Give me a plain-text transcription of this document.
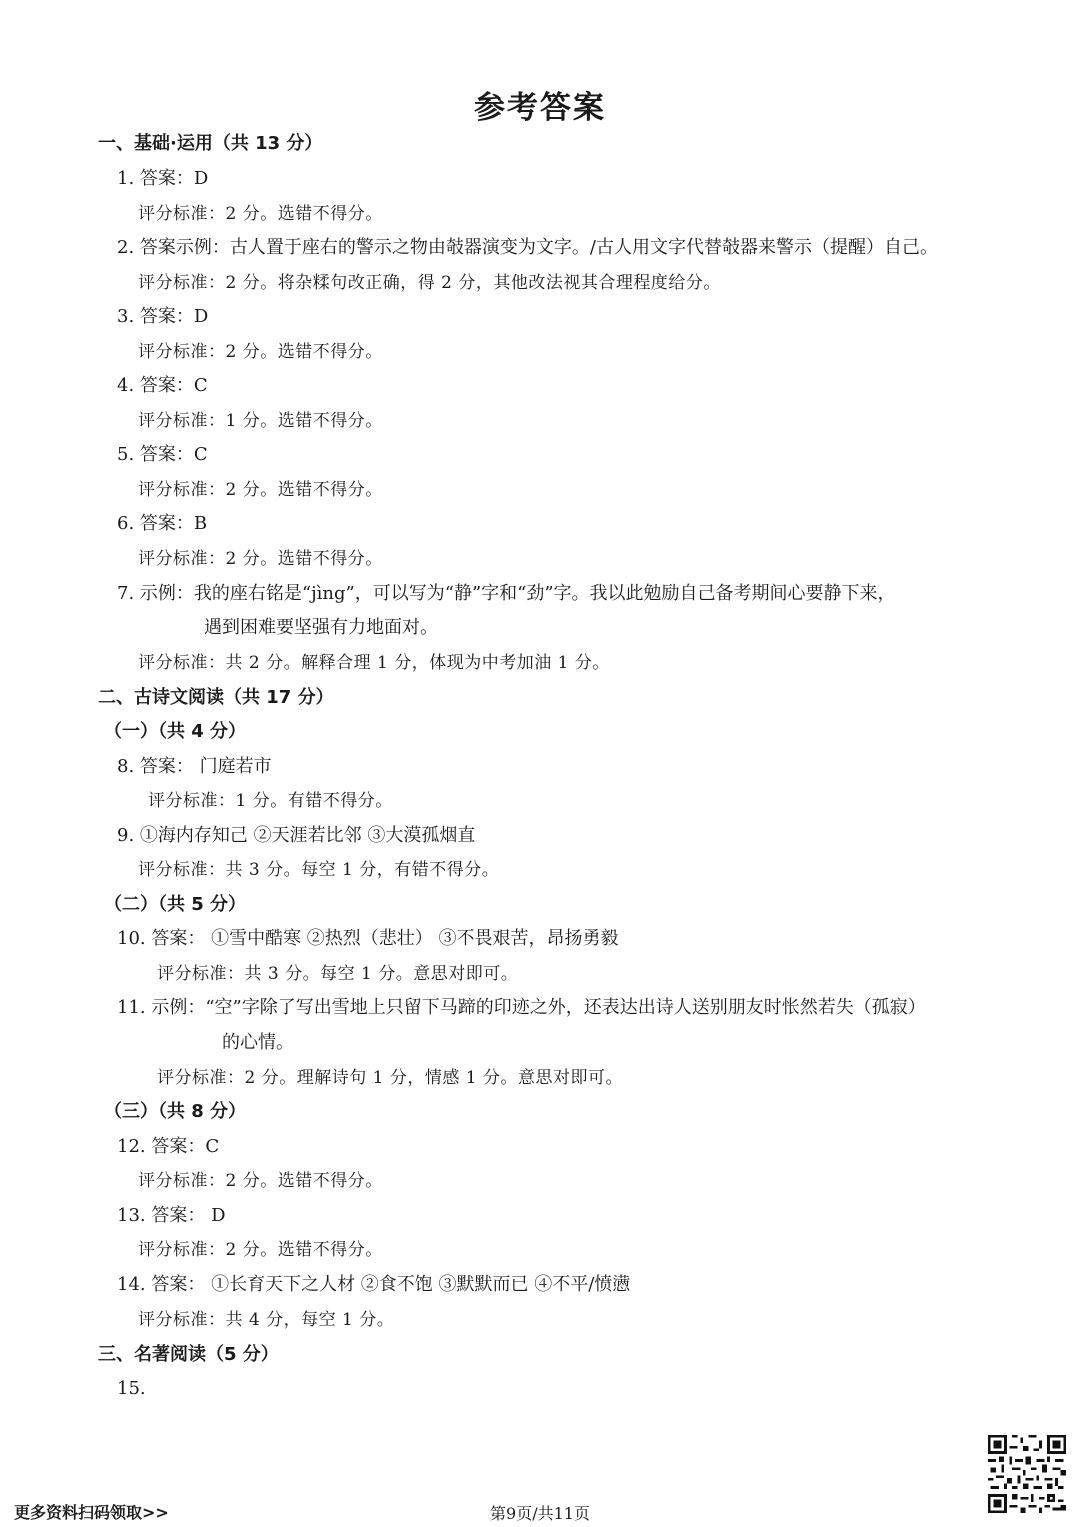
参考答案
一、基础·运用（共 13 分）
1. 答案：D
评分标准：2 分。选错不得分。
2. 答案示例：古人置于座右的警示之物由攲器演变为文字。/古人用文字代替攲器来警示（提醒）自己。
评分标准：2 分。将杂糅句改正确，得 2 分，其他改法视其合理程度给分。
3. 答案：D
评分标准：2 分。选错不得分。
4. 答案：C
评分标准：1 分。选错不得分。
5. 答案：C
评分标准：2 分。选错不得分。
6. 答案：B
评分标准：2 分。选错不得分。
7. 示例：我的座右铭是“jìng”，可以写为“静”字和“劲”字。我以此勉励自己备考期间心要静下来，
遇到困难要坚强有力地面对。
评分标准：共 2 分。解释合理 1 分，体现为中考加油 1 分。
二、古诗文阅读（共 17 分）
（一）（共 4 分）
8. 答案： 门庭若市
评分标准：1 分。有错不得分。
9. ①海内存知己 ②天涯若比邻 ③大漠孤烟直
评分标准：共 3 分。每空 1 分，有错不得分。
（二）（共 5 分）
10. 答案： ①雪中酷寒 ②热烈（悲壮） ③不畏艰苦，昂扬勇毅
评分标准：共 3 分。每空 1 分。意思对即可。
11. 示例：“空”字除了写出雪地上只留下马蹄的印迹之外，还表达出诗人送别朋友时怅然若失（孤寂）
的心情。
评分标准：2 分。理解诗句 1 分，情感 1 分。意思对即可。
（三）（共 8 分）
12. 答案：C
评分标准：2 分。选错不得分。
13. 答案： D
评分标准：2 分。选错不得分。
14. 答案： ①长育天下之人材 ②食不饱 ③默默而已 ④不平/愤懑
评分标准：共 4 分，每空 1 分。
三、名著阅读（5 分）
15.
更多资料扫码领取>>	第9页/共11页
